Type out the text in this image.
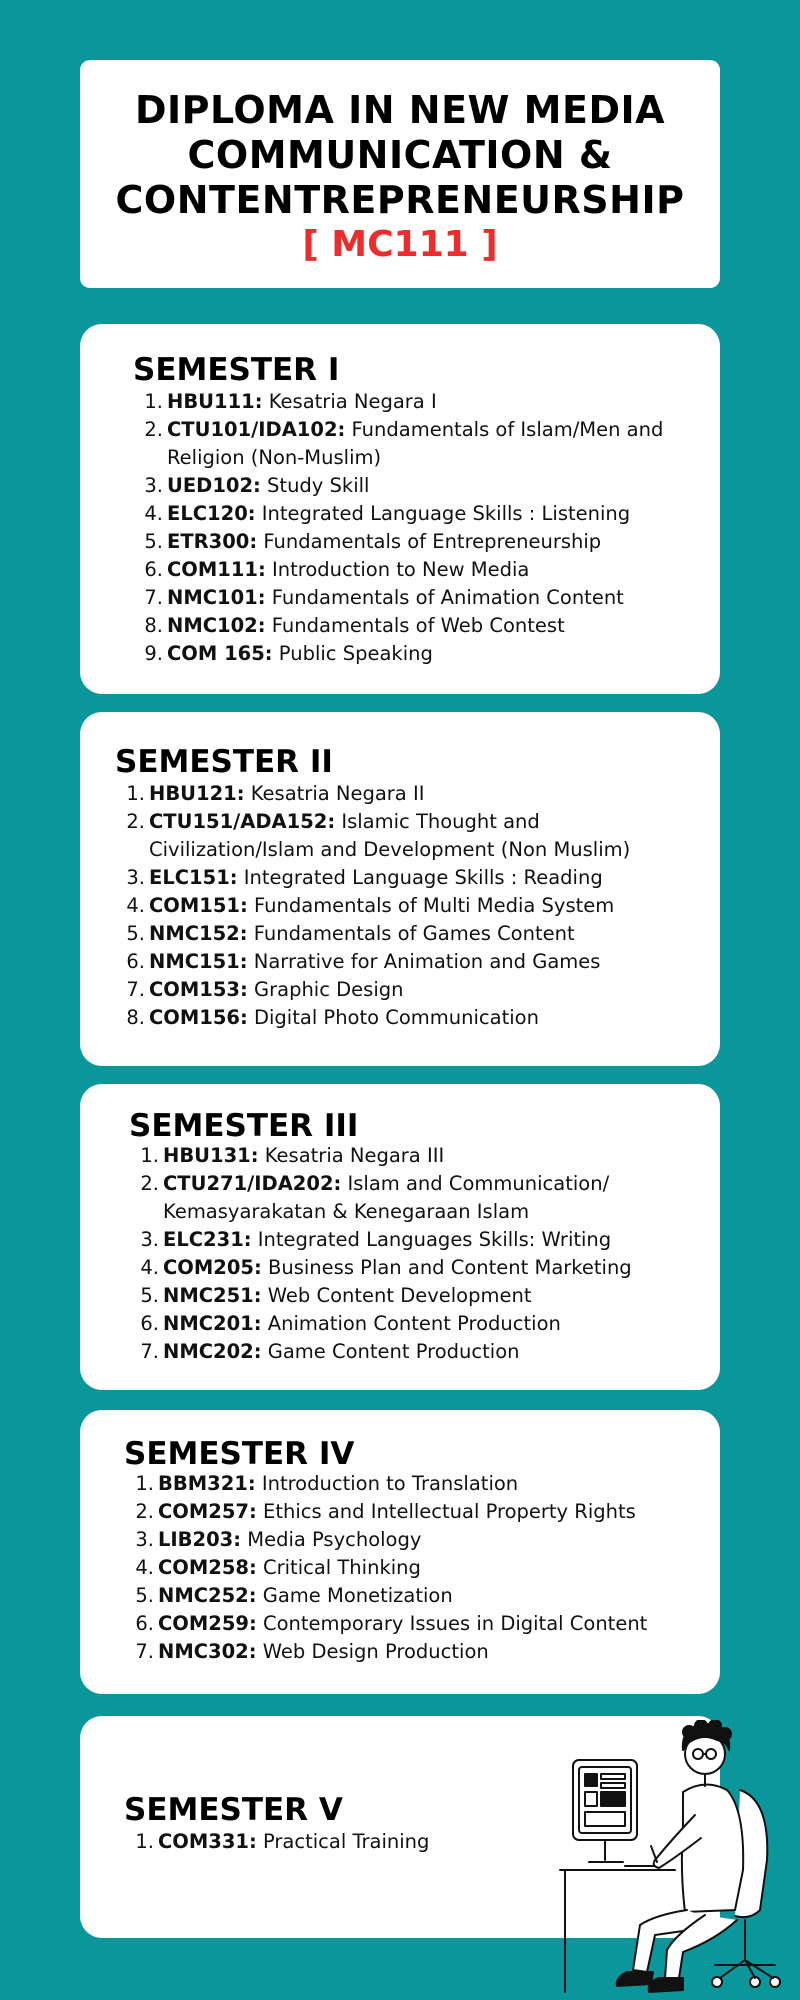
DIPLOMA IN NEW MEDIA
COMMUNICATION &
CONTENTREPRENEURSHIP
[ MC111 ]
SEMESTER I
1. HBU111: Kesatria Negara I
2. CTU101/IDA102: Fundamentals of Islam/Men and Religion (Non-Muslim)
3. UED102: Study Skill
4. ELC120: Integrated Language Skills : Listening
5. ETR300: Fundamentals of Entrepreneurship
6. COM111: Introduction to New Media
7. NMC101: Fundamentals of Animation Content
8. NMC102: Fundamentals of Web Contest
9. COM 165: Public Speaking
SEMESTER II
1. HBU121: Kesatria Negara II
2. CTU151/ADA152: Islamic Thought and Civilization/Islam and Development (Non Muslim)
3. ELC151: Integrated Language Skills : Reading
4. COM151: Fundamentals of Multi Media System
5. NMC152: Fundamentals of Games Content
6. NMC151: Narrative for Animation and Games
7. COM153: Graphic Design
8. COM156: Digital Photo Communication
SEMESTER III
1. HBU131: Kesatria Negara III
2. CTU271/IDA202: Islam and Communication/ Kemasyarakatan & Kenegaraan Islam
3. ELC231: Integrated Languages Skills: Writing
4. COM205: Business Plan and Content Marketing
5. NMC251: Web Content Development
6. NMC201: Animation Content Production
7. NMC202: Game Content Production
SEMESTER IV
1. BBM321: Introduction to Translation
2. COM257: Ethics and Intellectual Property Rights
3. LIB203: Media Psychology
4. COM258: Critical Thinking
5. NMC252: Game Monetization
6. COM259: Contemporary Issues in Digital Content
7. NMC302: Web Design Production
SEMESTER V
1. COM331: Practical Training
